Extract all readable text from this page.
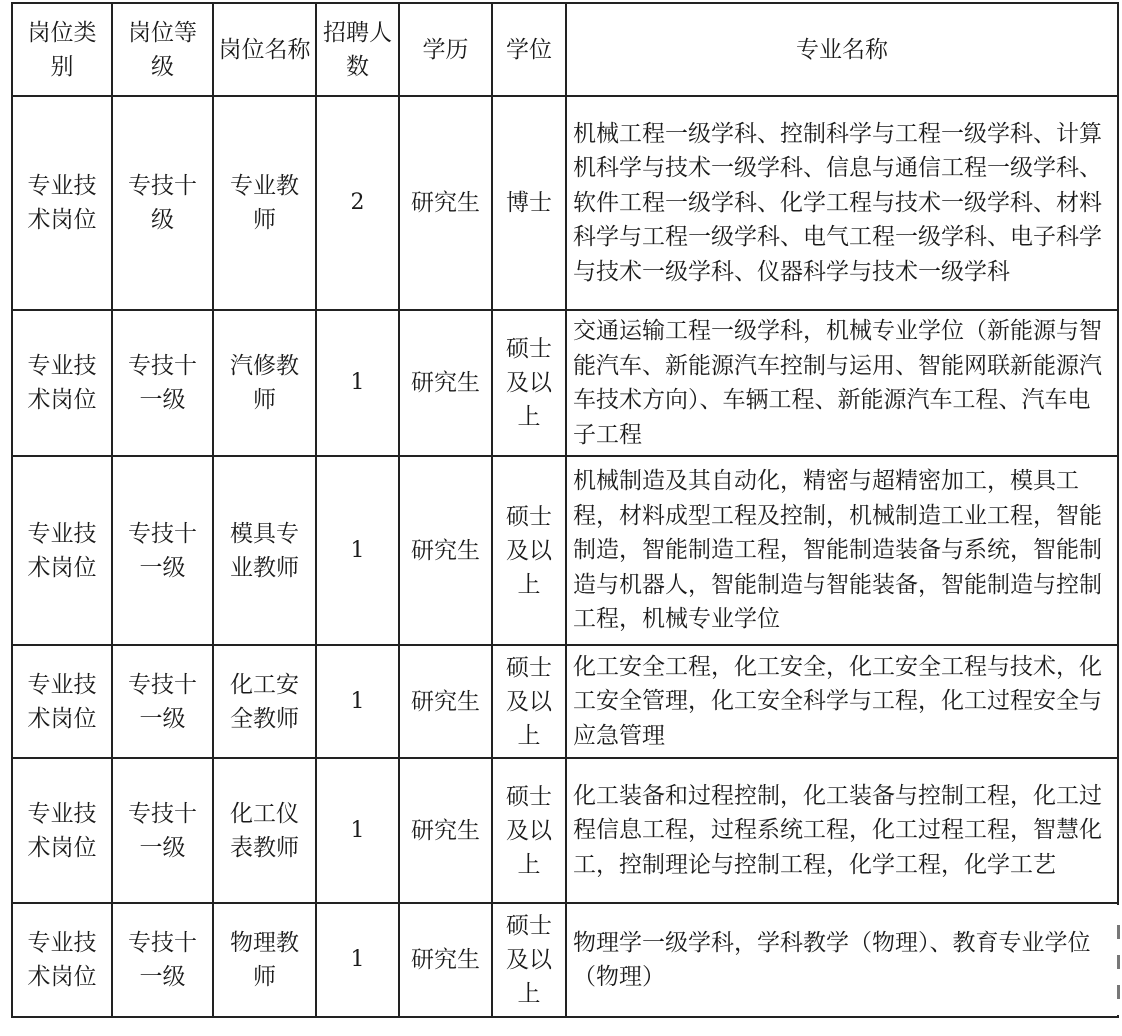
岗位类别	岗位等级	岗位名称	招聘人数	学历	学位	专业名称

专业技术岗位	专技十级	专业教师	2	研究生	博士	机械工程一级学科、控制科学与工程一级学科、计算机科学与技术一级学科、信息与通信工程一级学科、软件工程一级学科、化学工程与技术一级学科、材料科学与工程一级学科、电气工程一级学科、电子科学与技术一级学科、仪器科学与技术一级学科

专业技术岗位	专技十一级	汽修教师	1	研究生	硕士及以上	交通运输工程一级学科，机械专业学位（新能源与智能汽车、新能源汽车控制与运用、智能网联新能源汽车技术方向）、车辆工程、新能源汽车工程、汽车电子工程

专业技术岗位	专技十一级	模具专业教师	1	研究生	硕士及以上	机械制造及其自动化，精密与超精密加工，模具工程，材料成型工程及控制，机械制造工业工程，智能制造，智能制造工程，智能制造装备与系统，智能制造与机器人，智能制造与智能装备，智能制造与控制工程，机械专业学位

专业技术岗位	专技十一级	化工安全教师	1	研究生	硕士及以上	化工安全工程，化工安全，化工安全工程与技术，化工安全管理，化工安全科学与工程，化工过程安全与应急管理

专业技术岗位	专技十一级	化工仪表教师	1	研究生	硕士及以上	化工装备和过程控制，化工装备与控制工程，化工过程信息工程，过程系统工程，化工过程工程，智慧化工，控制理论与控制工程，化学工程，化学工艺

专业技术岗位	专技十一级	物理教师	1	研究生	硕士及以上	物理学一级学科，学科教学（物理）、教育专业学位（物理）
